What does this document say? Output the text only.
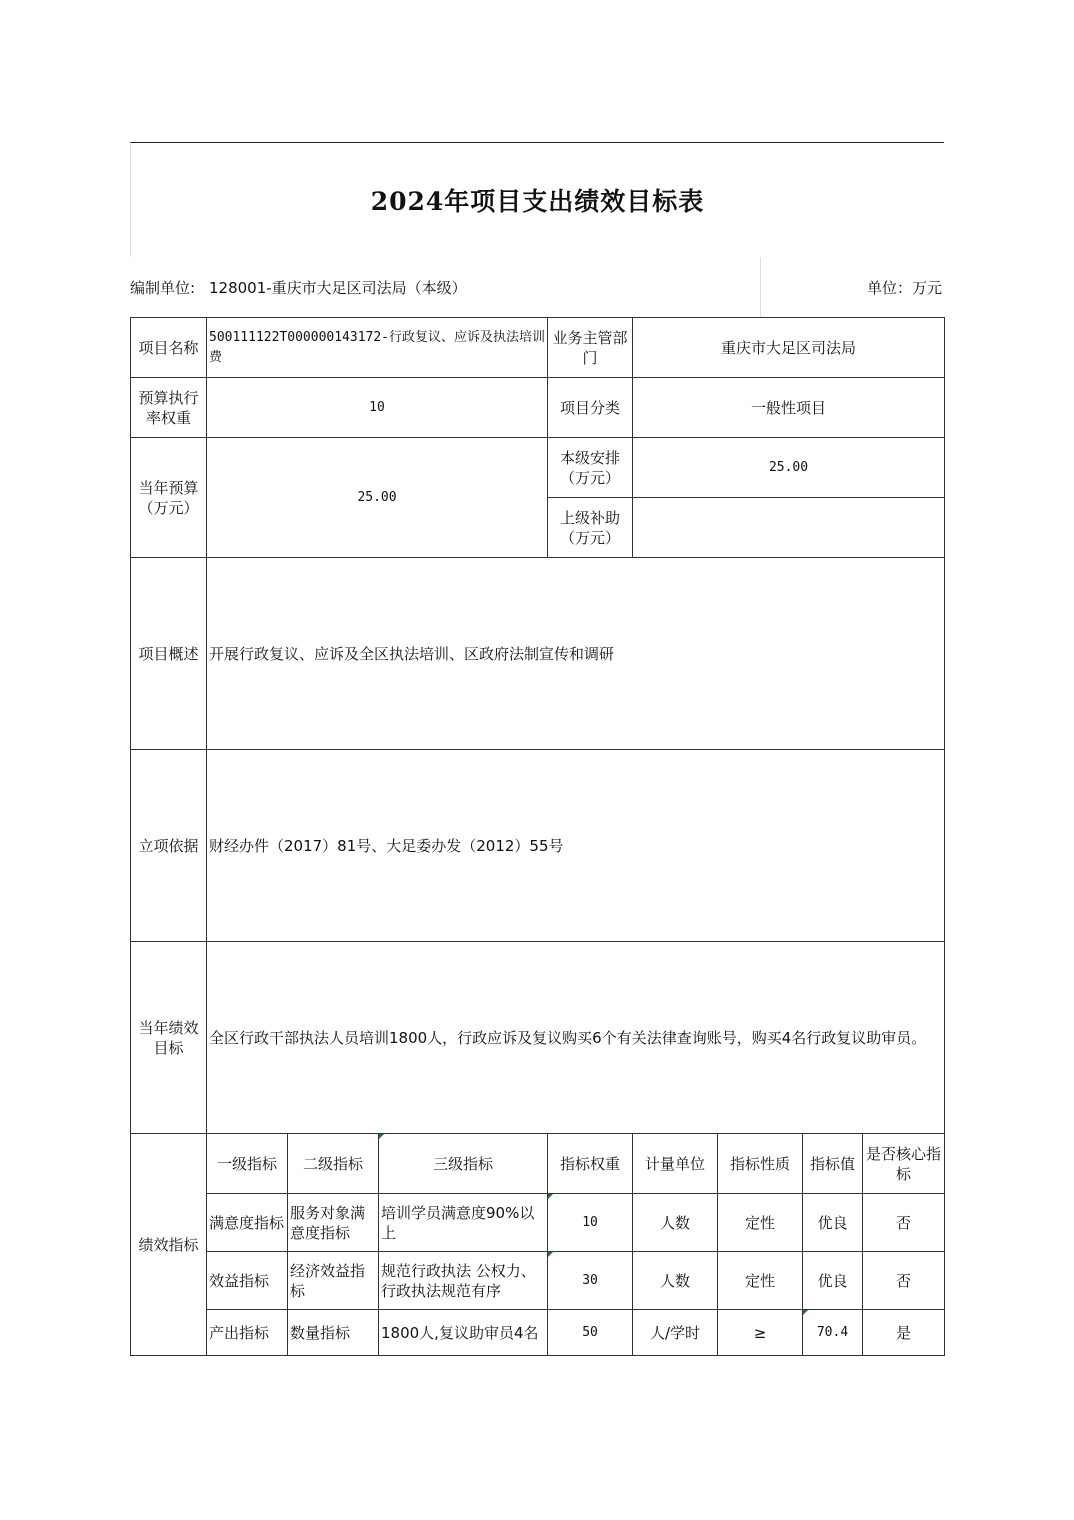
2024年项目支出绩效目标表
编制单位: 128001-重庆市大足区司法局（本级）	单位：万元
项目名称	500111122T000000143172-行政复议、应诉及执法培训费			业务主管部门	重庆市大足区司法局			
预算执行率权重	10			项目分类	一般性项目			
当年预算（万元）	25.00			本级安排（万元）	25.00			
				上级补助（万元）				
项目概述	开展行政复议、应诉及全区执法培训、区政府法制宣传和调研							
立项依据	财经办件（2017）81号、大足委办发（2012）55号							
当年绩效目标	全区行政干部执法人员培训1800人，行政应诉及复议购买6个有关法律查询账号，购买4名行政复议助审员。							
绩效指标	一级指标	二级指标	三级指标	指标权重	计量单位	指标性质	指标值	是否核心指标
	满意度指标	服务对象满意度指标	培训学员满意度90%以上	10	人数	定性	优良	否
	效益指标	经济效益指标	规范行政执法 公权力、行政执法规范有序	30	人数	定性	优良	否
	产出指标	数量指标	1800人,复议助审员4名	50	人/学时	≥	70.4	是
